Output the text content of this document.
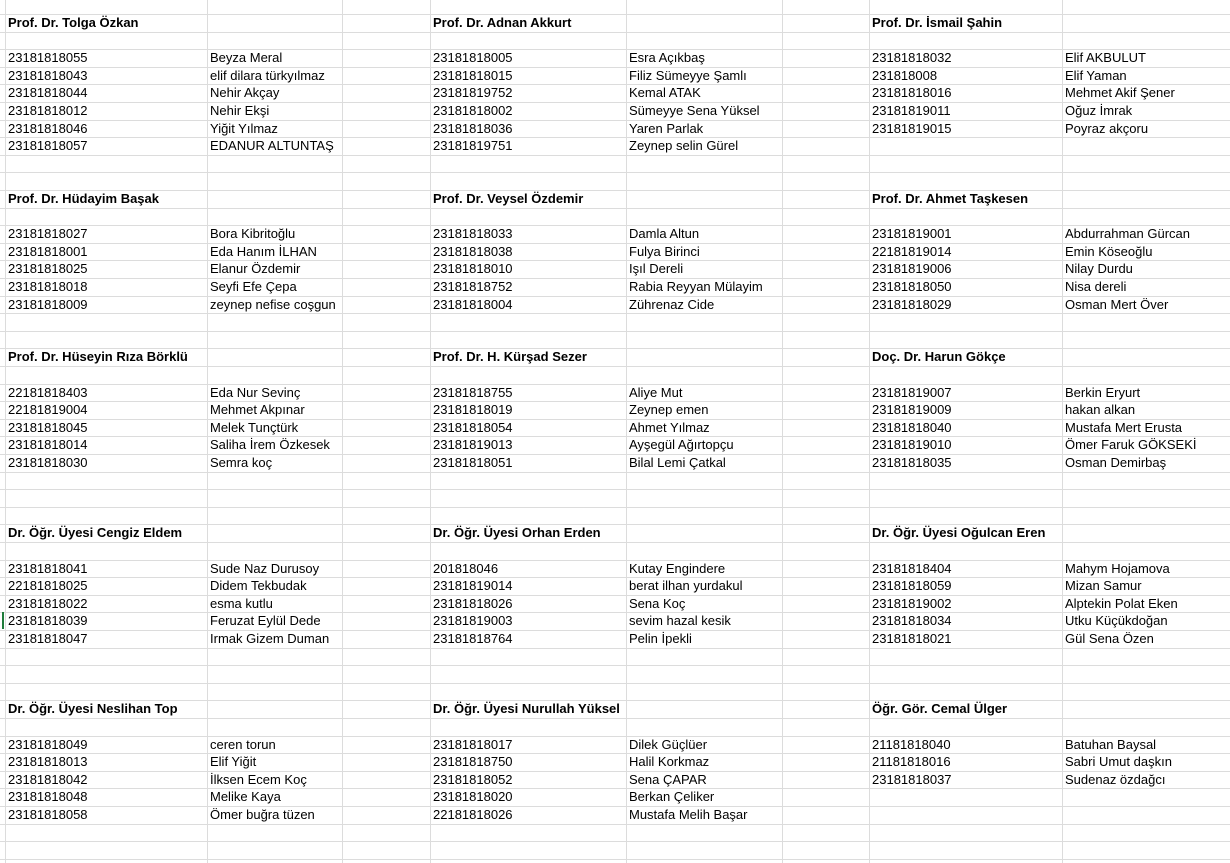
Prof. Dr. Tolga Özkan
23181818055	Beyza Meral
23181818043	elif dilara türkyılmaz
23181818044	Nehir Akçay
23181818012	Nehir Ekşi
23181818046	Yiğit Yılmaz
23181818057	EDANUR ALTUNTAŞ
Prof. Dr. Adnan Akkurt
23181818005	Esra Açıkbaş
23181818015	Filiz Sümeyye Şamlı
23181819752	Kemal ATAK
23181818002	Sümeyye Sena Yüksel
23181818036	Yaren Parlak
23181819751	Zeynep selin Gürel
Prof. Dr. İsmail Şahin
23181818032	Elif AKBULUT
231818008	Elif Yaman
23181818016	Mehmet Akif Şener
23181819011	Oğuz İmrak
23181819015	Poyraz akçoru
Prof. Dr. Hüdayim Başak
23181818027	Bora Kibritoğlu
23181818001	Eda Hanım İLHAN
23181818025	Elanur Özdemir
23181818018	Seyfi Efe Çepa
23181818009	zeynep nefise coşgun
Prof. Dr. Veysel Özdemir
23181818033	Damla Altun
23181818038	Fulya Birinci
23181818010	Işıl Dereli
23181818752	Rabia Reyyan Mülayim
23181818004	Zührenaz Cide
Prof. Dr. Ahmet Taşkesen
23181819001	Abdurrahman Gürcan
22181819014	Emin Köseoğlu
23181819006	Nilay Durdu
23181818050	Nisa dereli
23181818029	Osman Mert Över
Prof. Dr. Hüseyin Rıza Börklü
22181818403	Eda Nur Sevinç
22181819004	Mehmet Akpınar
23181818045	Melek Tunçtürk
23181818014	Saliha İrem Özkesek
23181818030	Semra koç
Prof. Dr. H. Kürşad Sezer
23181818755	Aliye Mut
23181818019	Zeynep emen
23181818054	Ahmet Yılmaz
23181819013	Ayşegül Ağırtopçu
23181818051	Bilal Lemi Çatkal
Doç. Dr. Harun Gökçe
23181819007	Berkin Eryurt
23181819009	hakan alkan
23181818040	Mustafa Mert Erusta
23181819010	Ömer Faruk GÖKSEKİ
23181818035	Osman Demirbaş
Dr. Öğr. Üyesi Cengiz Eldem
23181818041	Sude Naz Durusoy
22181818025	Didem Tekbudak
23181818022	esma kutlu
23181818039	Feruzat Eylül Dede
23181818047	Irmak Gizem Duman
Dr. Öğr. Üyesi Orhan Erden
201818046	Kutay Engindere
23181819014	berat ilhan yurdakul
23181818026	Sena Koç
23181819003	sevim hazal kesik
23181818764	Pelin İpekli
Dr. Öğr. Üyesi Oğulcan Eren
23181818404	Mahym Hojamova
23181818059	Mizan Samur
23181819002	Alptekin Polat Eken
23181818034	Utku Küçükdoğan
23181818021	Gül Sena Özen
Dr. Öğr. Üyesi Neslihan Top
23181818049	ceren torun
23181818013	Elif Yiğit
23181818042	İlksen Ecem Koç
23181818048	Melike Kaya
23181818058	Ömer buğra tüzen
Dr. Öğr. Üyesi Nurullah Yüksel
23181818017	Dilek Güçlüer
23181818750	Halil Korkmaz
23181818052	Sena ÇAPAR
23181818020	Berkan Çeliker
22181818026	Mustafa Melih Başar
Öğr. Gör. Cemal Ülger
21181818040	Batuhan Baysal
21181818016	Sabri Umut daşkın
23181818037	Sudenaz özdağcı
